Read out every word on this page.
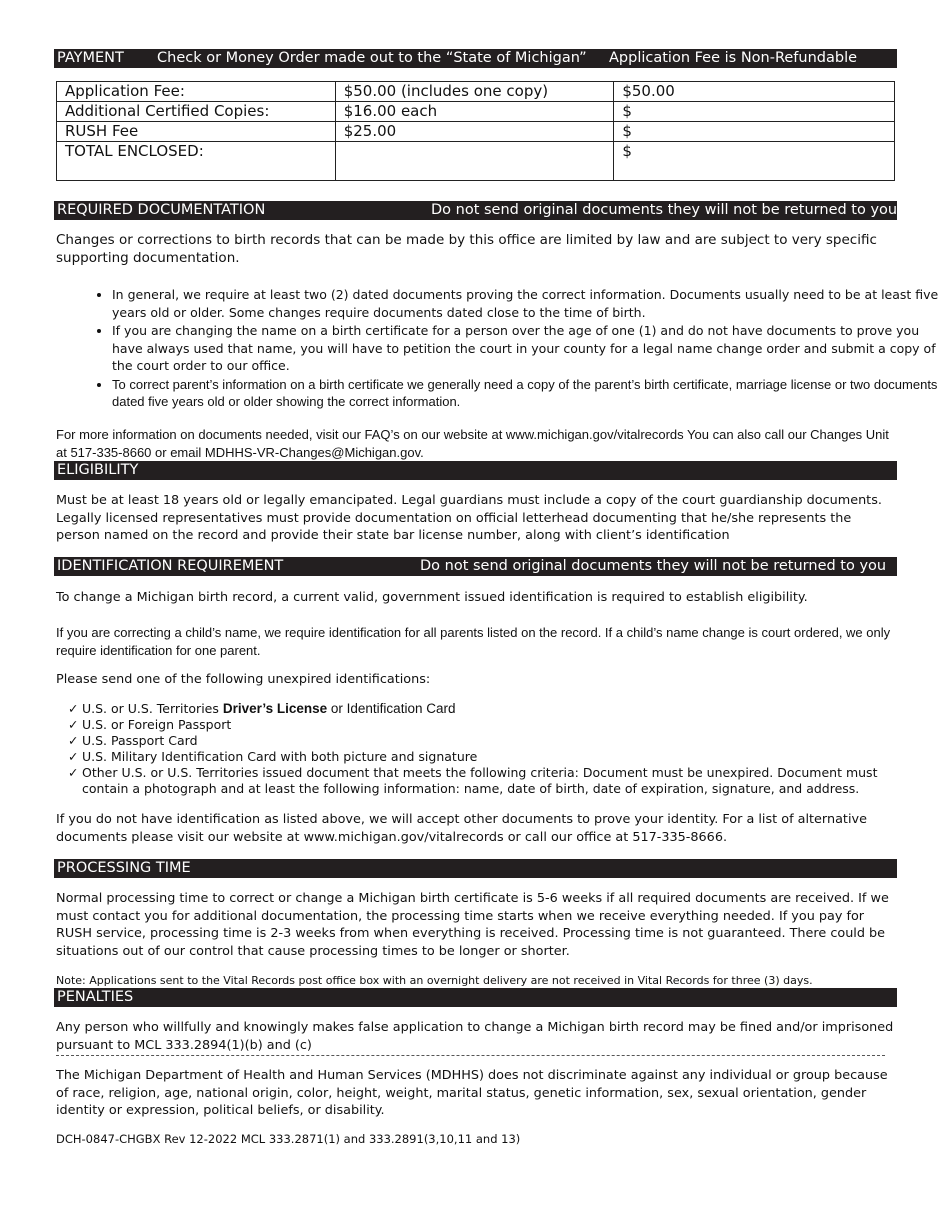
PAYMENT Check or Money Order made out to the “State of Michigan” Application Fee is Non-Refundable
Application Fee:	$50.00 (includes one copy)	$50.00
Additional Certified Copies:	$16.00 each	$
RUSH Fee	$25.00	$
TOTAL ENCLOSED:		$
REQUIRED DOCUMENTATION	Do not send original documents they will not be returned to you
Changes or corrections to birth records that can be made by this office are limited by law and are subject to very specific supporting documentation.
• In general, we require at least two (2) dated documents proving the correct information. Documents usually need to be at least five years old or older. Some changes require documents dated close to the time of birth.
• If you are changing the name on a birth certificate for a person over the age of one (1) and do not have documents to prove you have always used that name, you will have to petition the court in your county for a legal name change order and submit a copy of the court order to our office.
• To correct parent’s information on a birth certificate we generally need a copy of the parent’s birth certificate, marriage license or two documents dated five years old or older showing the correct information.
For more information on documents needed, visit our FAQ’s on our website at www.michigan.gov/vitalrecords You can also call our Changes Unit at 517-335-8660 or email MDHHS-VR-Changes@Michigan.gov.
ELIGIBILITY
Must be at least 18 years old or legally emancipated. Legal guardians must include a copy of the court guardianship documents. Legally licensed representatives must provide documentation on official letterhead documenting that he/she represents the person named on the record and provide their state bar license number, along with client’s identification
IDENTIFICATION REQUIREMENT	Do not send original documents they will not be returned to you
To change a Michigan birth record, a current valid, government issued identification is required to establish eligibility.
If you are correcting a child’s name, we require identification for all parents listed on the record. If a child’s name change is court ordered, we only require identification for one parent.
Please send one of the following unexpired identifications:
✓ U.S. or U.S. Territories Driver’s License or Identification Card
✓ U.S. or Foreign Passport
✓ U.S. Passport Card
✓ U.S. Military Identification Card with both picture and signature
✓ Other U.S. or U.S. Territories issued document that meets the following criteria: Document must be unexpired. Document must contain a photograph and at least the following information: name, date of birth, date of expiration, signature, and address.
If you do not have identification as listed above, we will accept other documents to prove your identity. For a list of alternative documents please visit our website at www.michigan.gov/vitalrecords or call our office at 517-335-8666.
PROCESSING TIME
Normal processing time to correct or change a Michigan birth certificate is 5-6 weeks if all required documents are received. If we must contact you for additional documentation, the processing time starts when we receive everything needed. If you pay for RUSH service, processing time is 2-3 weeks from when everything is received. Processing time is not guaranteed. There could be situations out of our control that cause processing times to be longer or shorter.
Note: Applications sent to the Vital Records post office box with an overnight delivery are not received in Vital Records for three (3) days.
PENALTIES
Any person who willfully and knowingly makes false application to change a Michigan birth record may be fined and/or imprisoned pursuant to MCL 333.2894(1)(b) and (c)
The Michigan Department of Health and Human Services (MDHHS) does not discriminate against any individual or group because of race, religion, age, national origin, color, height, weight, marital status, genetic information, sex, sexual orientation, gender identity or expression, political beliefs, or disability.
DCH-0847-CHGBX Rev 12-2022 MCL 333.2871(1) and 333.2891(3,10,11 and 13)
